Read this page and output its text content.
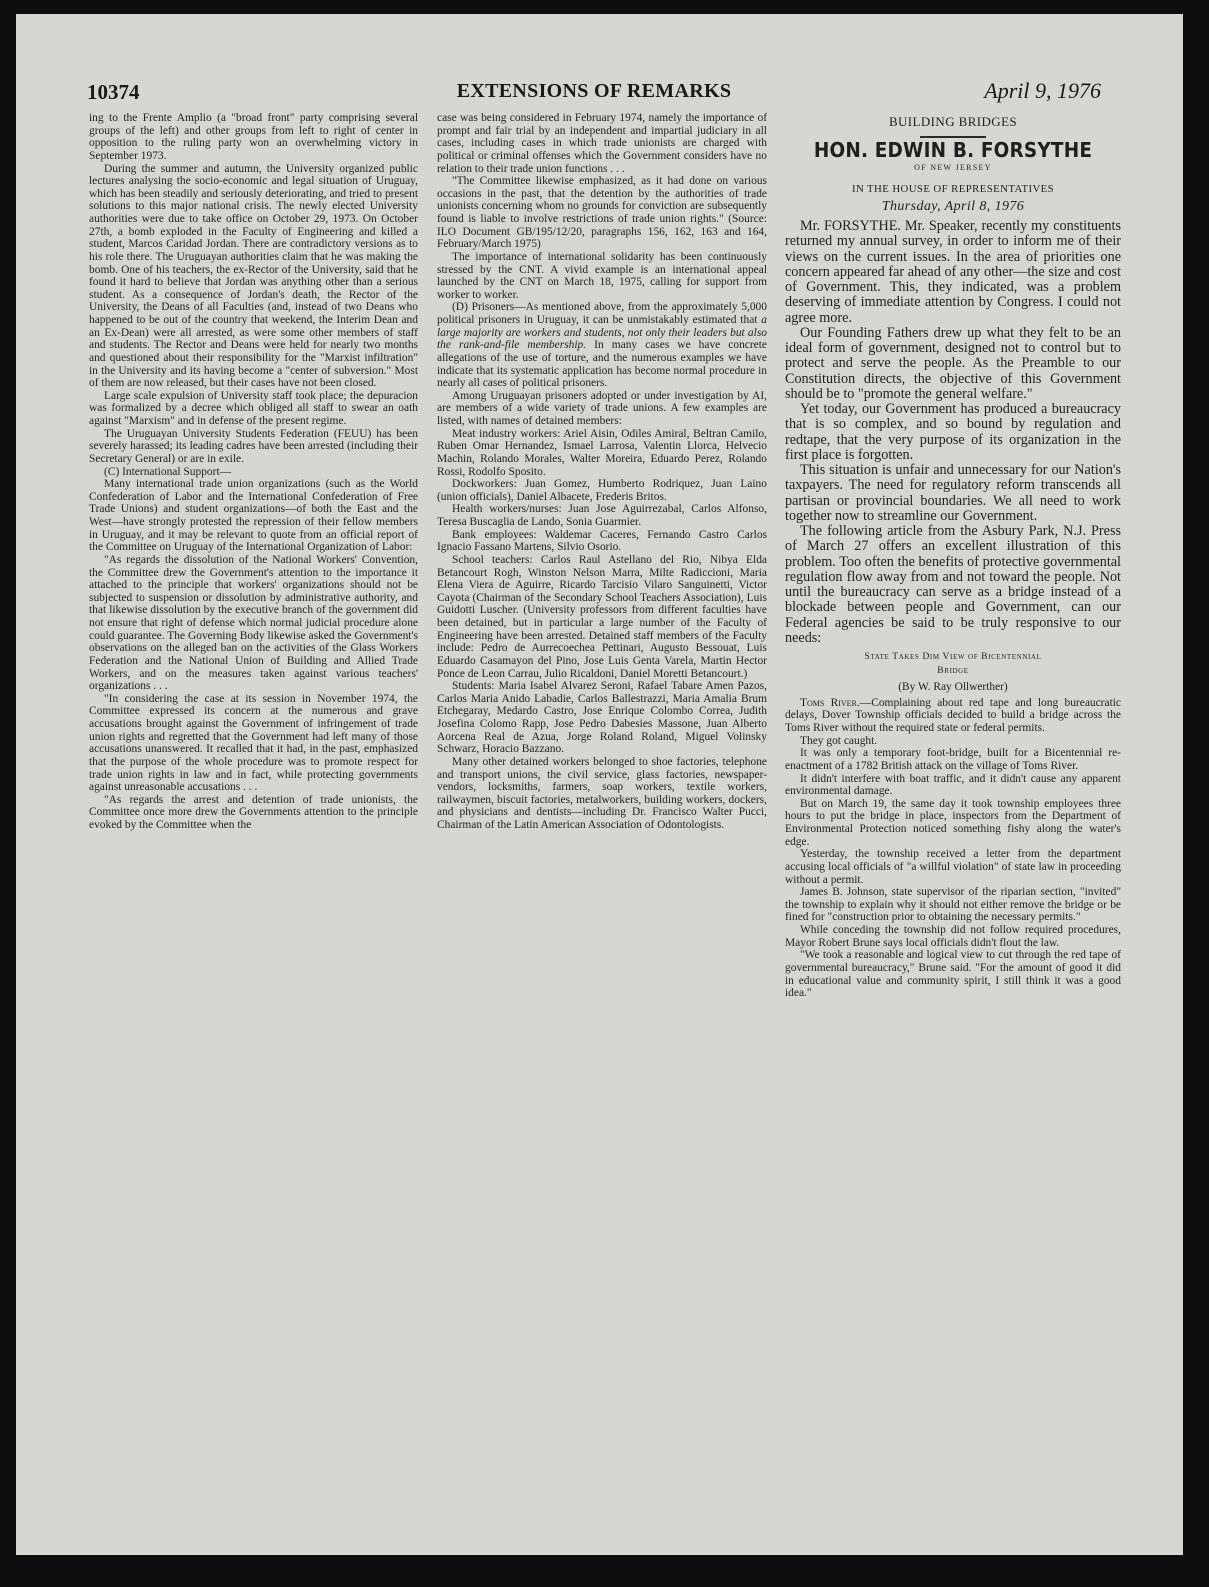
10374	EXTENSIONS OF REMARKS	April 9, 1976

ing to the Frente Amplio (a "broad front" party comprising several groups of the left) and other groups from left to right of center in opposition to the ruling party won an overwhelming victory in September 1973.

During the summer and autumn, the University organized public lectures analysing the socio-economic and legal situation of Uruguay, which has been steadily and seriously deteriorating, and tried to present solutions to this major national crisis. The newly elected University authorities were due to take office on October 29, 1973. On October 27th, a bomb exploded in the Faculty of Engineering and killed a student, Marcos Caridad Jordan. There are contradictory versions as to his role there. The Uruguayan authorities claim that he was making the bomb. One of his teachers, the ex-Rector of the University, said that he found it hard to believe that Jordan was anything other than a serious student. As a consequence of Jordan's death, the Rector of the University, the Deans of all Faculties (and, instead of two Deans who happened to be out of the country that weekend, the Interim Dean and an Ex-Dean) were all arrested, as were some other members of staff and students. The Rector and Deans were held for nearly two months and questioned about their responsibility for the "Marxist infiltration" in the University and its having become a "center of subversion." Most of them are now released, but their cases have not been closed.

Large scale expulsion of University staff took place; the depuracion was formalized by a decree which obliged all staff to swear an oath against "Marxism" and in defense of the present regime.

The Uruguayan University Students Federation (FEUU) has been severely harassed; its leading cadres have been arrested (including their Secretary General) or are in exile.

(C) International Support—

Many international trade union organizations (such as the World Confederation of Labor and the International Confederation of Free Trade Unions) and student organizations—of both the East and the West—have strongly protested the repression of their fellow members in Uruguay, and it may be relevant to quote from an official report of the Committee on Uruguay of the International Organization of Labor:

"As regards the dissolution of the National Workers' Convention, the Committee drew the Government's attention to the importance it attached to the principle that workers' organizations should not be subjected to suspension or dissolution by administrative authority, and that likewise dissolution by the executive branch of the government did not ensure that right of defense which normal judicial procedure alone could guarantee. The Governing Body likewise asked the Government's observations on the alleged ban on the activities of the Glass Workers Federation and the National Union of Building and Allied Trade Workers, and on the measures taken against various teachers' organizations . . .

"In considering the case at its session in November 1974, the Committee expressed its concern at the numerous and grave accusations brought against the Government of infringement of trade union rights and regretted that the Government had left many of those accusations unanswered. It recalled that it had, in the past, emphasized that the purpose of the whole procedure was to promote respect for trade union rights in law and in fact, while protecting governments against unreasonable accusations . . .

"As regards the arrest and detention of trade unionists, the Committee once more drew the Governments attention to the principle evoked by the Committee when the

case was being considered in February 1974, namely the importance of prompt and fair trial by an independent and impartial judiciary in all cases, including cases in which trade unionists are charged with political or criminal offenses which the Government considers have no relation to their trade union functions . . .

"The Committee likewise emphasized, as it had done on various occasions in the past, that the detention by the authorities of trade unionists concerning whom no grounds for conviction are subsequently found is liable to involve restrictions of trade union rights." (Source: ILO Document GB/195/12/20, paragraphs 156, 162, 163 and 164, February/March 1975)

The importance of international solidarity has been continuously stressed by the CNT. A vivid example is an international appeal launched by the CNT on March 18, 1975, calling for support from worker to worker.

(D) Prisoners—As mentioned above, from the approximately 5,000 political prisoners in Uruguay, it can be unmistakably estimated that a large majority are workers and students, not only their leaders but also the rank-and-file membership. In many cases we have concrete allegations of the use of torture, and the numerous examples we have indicate that its systematic application has become normal procedure in nearly all cases of political prisoners.

Among Uruguayan prisoners adopted or under investigation by AI, are members of a wide variety of trade unions. A few examples are listed, with names of detained members:

Meat industry workers: Ariel Aisin, Odiles Amiral, Beltran Camilo, Ruben Omar Hernandez, Ismael Larrosa, Valentin Llorca, Helvecio Machin, Rolando Morales, Walter Moreira, Eduardo Perez, Rolando Rossi, Rodolfo Sposito.

Dockworkers: Juan Gomez, Humberto Rodriquez, Juan Laino (union officials), Daniel Albacete, Frederis Britos.

Health workers/nurses: Juan Jose Aguirrezabal, Carlos Alfonso, Teresa Buscaglia de Lando, Sonia Guarmier.

Bank employees: Waldemar Caceres, Fernando Castro Carlos Ignacio Fassano Martens, Silvio Osorio.

School teachers: Carlos Raul Astellano del Rio, Nibya Elda Betancourt Rogh, Winston Nelson Marra, Milte Radiccioni, Maria Elena Viera de Aguirre, Ricardo Tarcisio Vilaro Sanguinetti, Victor Cayota (Chairman of the Secondary School Teachers Association), Luis Guidotti Luscher. (University professors from different faculties have been detained, but in particular a large number of the Faculty of Engineering have been arrested. Detained staff members of the Faculty include: Pedro de Aurrecoechea Pettinari, Augusto Bessouat, Luis Eduardo Casamayon del Pino, Jose Luis Genta Varela, Martin Hector Ponce de Leon Carrau, Julio Ricaldoni, Daniel Moretti Betancourt.)

Students: Maria Isabel Alvarez Seroni, Rafael Tabare Amen Pazos, Carlos Maria Anido Labadie, Carlos Ballestrazzi, Maria Amalia Brum Etchegaray, Medardo Castro, Jose Enrique Colombo Correa, Judith Josefina Colomo Rapp, Jose Pedro Dabesies Massone, Juan Alberto Aorcena Real de Azua, Jorge Roland Roland, Miguel Volinsky Schwarz, Horacio Bazzano.

Many other detained workers belonged to shoe factories, telephone and transport unions, the civil service, glass factories, newspaper-vendors, locksmiths, farmers, soap workers, textile workers, railwaymen, biscuit factories, metalworkers, building workers, dockers, and physicians and dentists—including Dr. Francisco Walter Pucci, Chairman of the Latin American Association of Odontologists.

BUILDING BRIDGES
HON. EDWIN B. FORSYTHE
OF NEW JERSEY
IN THE HOUSE OF REPRESENTATIVES
Thursday, April 8, 1976

Mr. FORSYTHE. Mr. Speaker, recently my constituents returned my annual survey, in order to inform me of their views on the current issues. In the area of priorities one concern appeared far ahead of any other—the size and cost of Government. This, they indicated, was a problem deserving of immediate attention by Congress. I could not agree more.

Our Founding Fathers drew up what they felt to be an ideal form of government, designed not to control but to protect and serve the people. As the Preamble to our Constitution directs, the objective of this Government should be to "promote the general welfare."

Yet today, our Government has produced a bureaucracy that is so complex, and so bound by regulation and redtape, that the very purpose of its organization in the first place is forgotten.

This situation is unfair and unnecessary for our Nation's taxpayers. The need for regulatory reform transcends all partisan or provincial boundaries. We all need to work together now to streamline our Government.

The following article from the Asbury Park, N.J. Press of March 27 offers an excellent illustration of this problem. Too often the benefits of protective governmental regulation flow away from and not toward the people. Not until the bureaucracy can serve as a bridge instead of a blockade between people and Government, can our Federal agencies be said to be truly responsive to our needs:

State Takes Dim View of Bicentennial
Bridge
(By W. Ray Ollwerther)

Toms River.—Complaining about red tape and long bureaucratic delays, Dover Township officials decided to build a bridge across the Toms River without the required state or federal permits.

They got caught.

It was only a temporary foot-bridge, built for a Bicentennial re-enactment of a 1782 British attack on the village of Toms River.

It didn't interfere with boat traffic, and it didn't cause any apparent environmental damage.

But on March 19, the same day it took township employees three hours to put the bridge in place, inspectors from the Department of Environmental Protection noticed something fishy along the water's edge.

Yesterday, the township received a letter from the department accusing local officials of "a willful violation" of state law in proceeding without a permit.

James B. Johnson, state supervisor of the riparian section, "invited" the township to explain why it should not either remove the bridge or be fined for "construction prior to obtaining the necessary permits."

While conceding the township did not follow required procedures, Mayor Robert Brune says local officials didn't flout the law.

"We took a reasonable and logical view to cut through the red tape of governmental bureaucracy," Brune said. "For the amount of good it did in educational value and community spirit, I still think it was a good idea."
